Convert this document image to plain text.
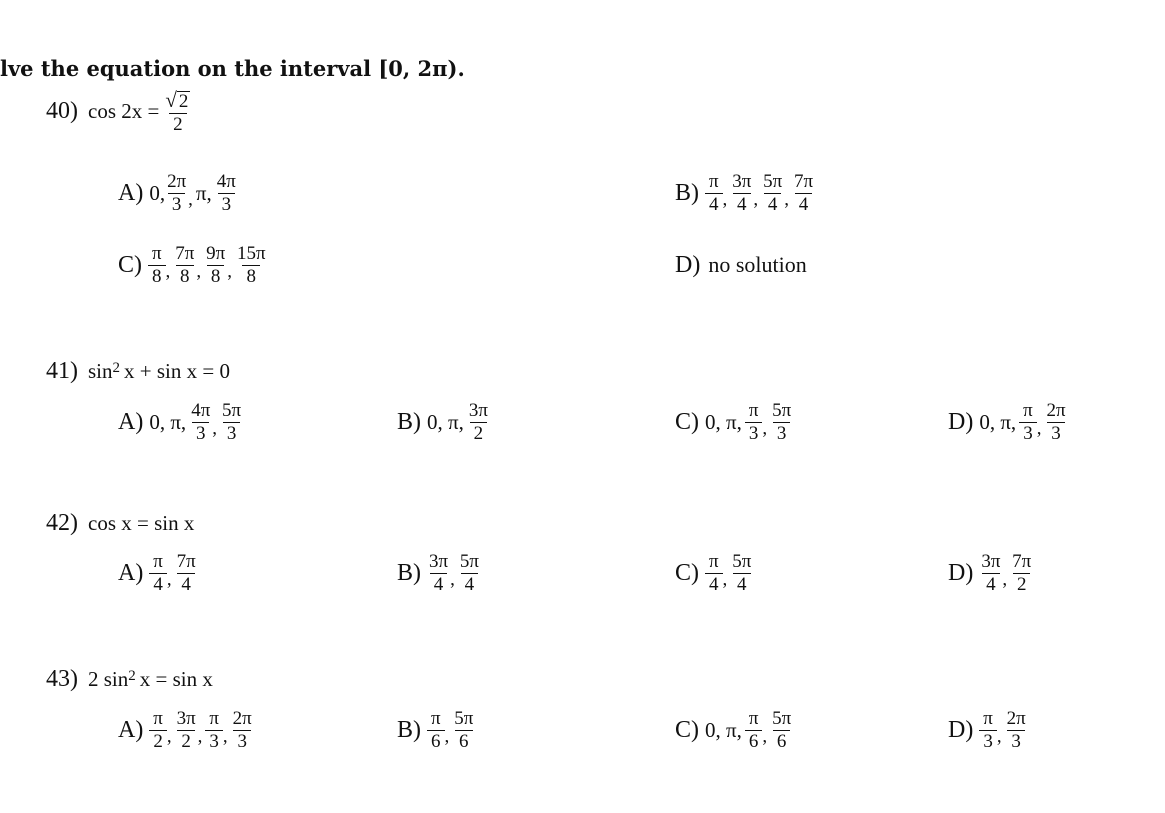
lve the equation on the interval [0, 2π).
40) $\cos 2x = \frac{√ 2}{2}$
A) 0, $\frac{2\pi}{3}$ , π, $\frac{4\pi}{3}$	$B) \frac{\pi}{4}$ , $\frac{3\pi}{4}$ , $\frac{5\pi}{4}$ , $\frac{7\pi}{4}$
$C) \frac{\pi}{8}$ , $\frac{7\pi}{8}$ , $\frac{9\pi}{8}$ , $\frac{15\pi}{8}$	D) no solution
41) sin 2 x + sin x = 0
A) 0, π, $\frac{4\pi}{3}$ , $\frac{5\pi}{3}$	B) 0, π, $\frac{3\pi}{2}$	C) 0, π, $\frac{\pi}{3}$ , $\frac{5\pi}{3}$	D) 0, π, $\frac{\pi}{3}$ , $\frac{2\pi}{3}$
42) cos x = sin x
$A) \frac{\pi}{4}$ , $\frac{7\pi}{4}$	$B) \frac{3\pi}{4}$ , $\frac{5\pi}{4}$	$C) \frac{\pi}{4}$ , $\frac{5\pi}{4}$	$D) \frac{3\pi}{4}$ , $\frac{7\pi}{2}$
43) 2 sin 2 x = sin x
$A) \frac{\pi}{2}$ , $\frac{3\pi}{2}$ , $\frac{\pi}{3}$ , $\frac{2\pi}{3}$	$B) \frac{\pi}{6}$ , $\frac{5\pi}{6}$	C) 0, π, $\frac{\pi}{6}$ , $\frac{5\pi}{6}$	$D) \frac{\pi}{3}$ , $\frac{2\pi}{3}$
